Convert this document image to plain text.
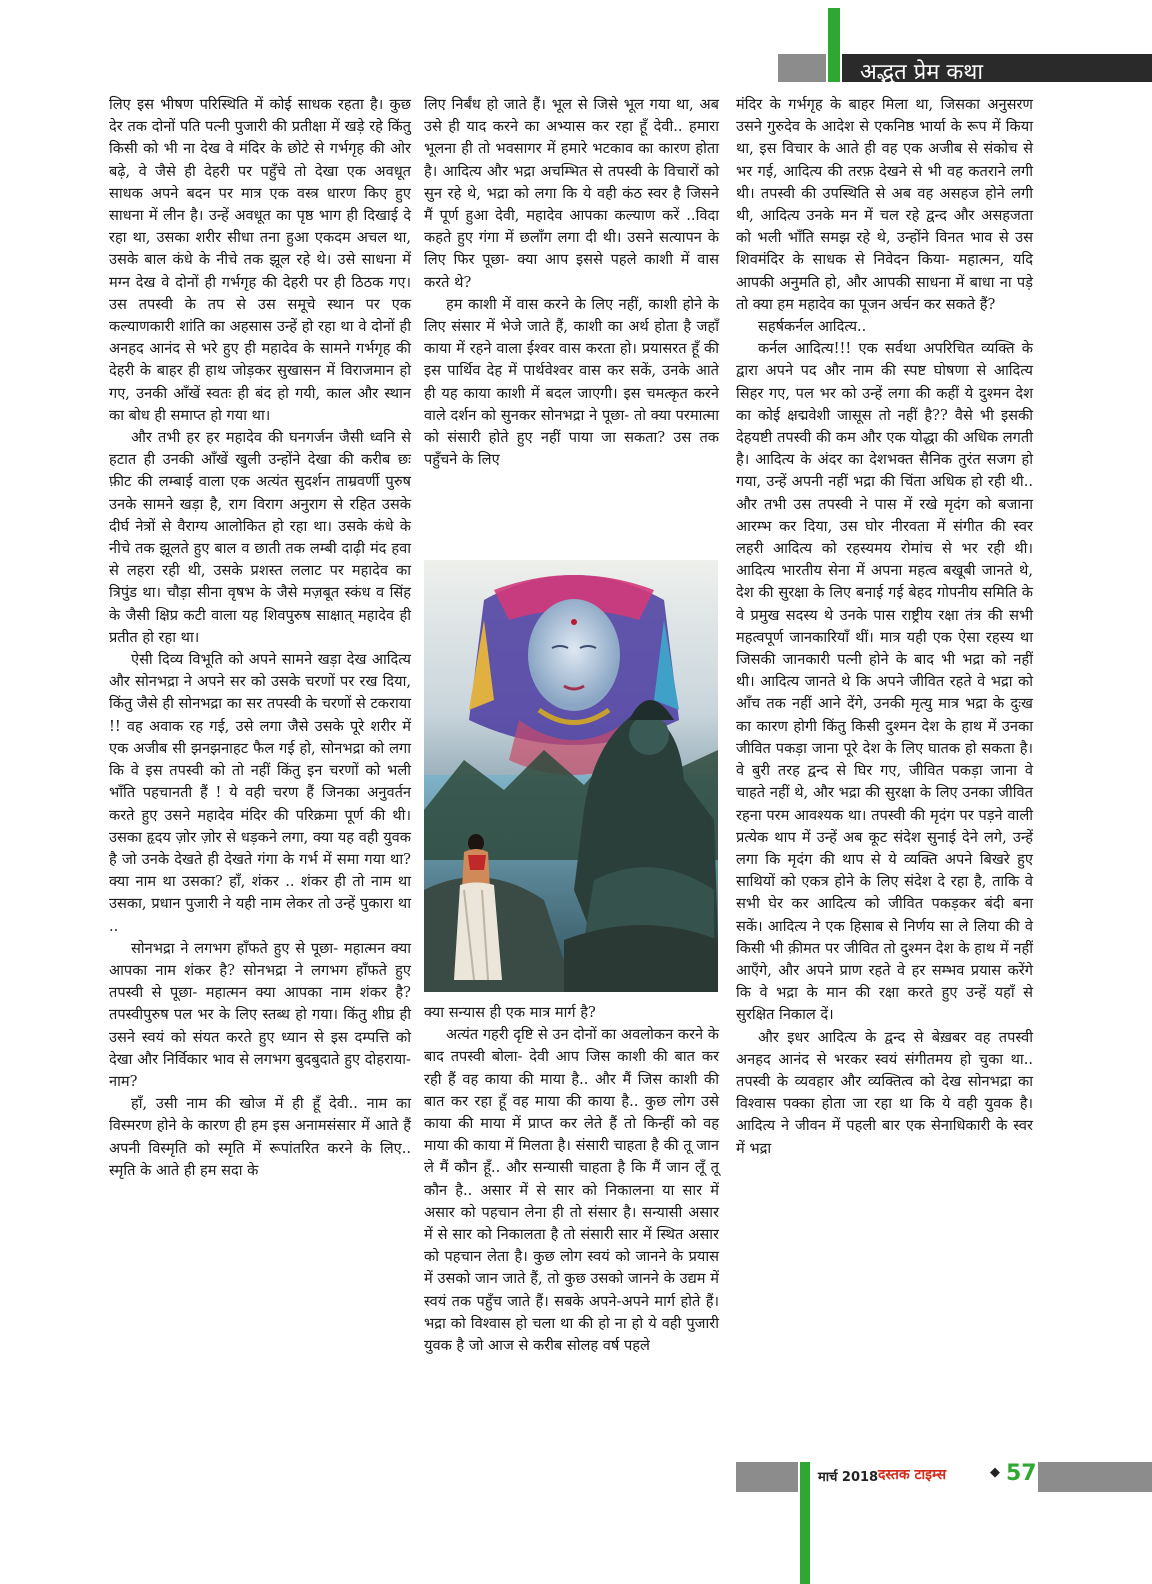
अद्भुत प्रेम कथा

लिए इस भीषण परिस्थिति में कोई साधक रहता है। कुछ देर तक दोनों पति पत्नी पुजारी की प्रतीक्षा में खड़े रहे किंतु किसी को भी ना देख वे मंदिर के छोटे से गर्भगृह की ओर बढ़े, वे जैसे ही देहरी पर पहुँचे तो देखा एक अवधूत साधक अपने बदन पर मात्र एक वस्त्र धारण किए हुए साधना में लीन है। उन्हें अवधूत का पृष्ठ भाग ही दिखाई दे रहा था, उसका शरीर सीधा तना हुआ एकदम अचल था, उसके बाल कंधे के नीचे तक झूल रहे थे। उसे साधना में मग्न देख वे दोनों ही गर्भगृह की देहरी पर ही ठिठक गए। उस तपस्वी के तप से उस समूचे स्थान पर एक कल्याणकारी शांति का अहसास उन्हें हो रहा था वे दोनों ही अनहद आनंद से भरे हुए ही महादेव के सामने गर्भगृह की देहरी के बाहर ही हाथ जोड़कर सुखासन में विराजमान हो गए, उनकी आँखें स्वतः ही बंद हो गयी, काल और स्थान का बोध ही समाप्त हो गया था।

और तभी हर हर महादेव की घनगर्जन जैसी ध्वनि से हटात ही उनकी आँखें खुली उन्होंने देखा की करीब छः फ़ीट की लम्बाई वाला एक अत्यंत सुदर्शन ताम्रवर्णी पुरुष उनके सामने खड़ा है, राग विराग अनुराग से रहित उसके दीर्घ नेत्रों से वैराग्य आलोकित हो रहा था। उसके कंधे के नीचे तक झूलते हुए बाल व छाती तक लम्बी दाढ़ी मंद हवा से लहरा रही थी, उसके प्रशस्त ललाट पर महादेव का त्रिपुंड था। चौड़ा सीना वृषभ के जैसे मज़बूत स्कंध व सिंह के जैसी क्षिप्र कटी वाला यह शिवपुरुष साक्षात् महादेव ही प्रतीत हो रहा था।

ऐसी दिव्य विभूति को अपने सामने खड़ा देख आदित्य और सोनभद्रा ने अपने सर को उसके चरणों पर रख दिया, किंतु जैसे ही सोनभद्रा का सर तपस्वी के चरणों से टकराया !! वह अवाक रह गई, उसे लगा जैसे उसके पूरे शरीर में एक अजीब सी झनझनाहट फैल गई हो, सोनभद्रा को लगा कि वे इस तपस्वी को तो नहीं किंतु इन चरणों को भली भाँति पहचानती हैं ! ये वही चरण हैं जिनका अनुवर्तन करते हुए उसने महादेव मंदिर की परिक्रमा पूर्ण की थी। उसका हृदय ज़ोर ज़ोर से धड़कने लगा, क्या यह वही युवक है जो उनके देखते ही देखते गंगा के गर्भ में समा गया था? क्या नाम था उसका? हाँ, शंकर .. शंकर ही तो नाम था उसका, प्रधान पुजारी ने यही नाम लेकर तो उन्हें पुकारा था ..

सोनभद्रा ने लगभग हाँफते हुए से पूछा- महात्मन क्या आपका नाम शंकर है? सोनभद्रा ने लगभग हाँफते हुए तपस्वी से पूछा- महात्मन क्या आपका नाम शंकर है? तपस्वीपुरुष पल भर के लिए स्तब्ध हो गया। किंतु शीघ्र ही उसने स्वयं को संयत करते हुए ध्यान से इस दम्पत्ति को देखा और निर्विकार भाव से लगभग बुदबुदाते हुए दोहराया- नाम?

हाँ, उसी नाम की खोज में ही हूँ देवी.. नाम का विस्मरण होने के कारण ही हम इस अनामसंसार में आते हैं अपनी विस्मृति को स्मृति में रूपांतरित करने के लिए.. स्मृति के आते ही हम सदा के

लिए निर्बंध हो जाते हैं। भूल से जिसे भूल गया था, अब उसे ही याद करने का अभ्यास कर रहा हूँ देवी.. हमारा भूलना ही तो भवसागर में हमारे भटकाव का कारण होता है। आदित्य और भद्रा अचम्भित से तपस्वी के विचारों को सुन रहे थे, भद्रा को लगा कि ये वही कंठ स्वर है जिसने मैं पूर्ण हुआ देवी, महादेव आपका कल्याण करें ..विदा कहते हुए गंगा में छलाँग लगा दी थी। उसने सत्यापन के लिए फिर पूछा- क्या आप इससे पहले काशी में वास करते थे?

हम काशी में वास करने के लिए नहीं, काशी होने के लिए संसार में भेजे जाते हैं, काशी का अर्थ होता है जहाँ काया में रहने वाला ईश्वर वास करता हो। प्रयासरत हूँ की इस पार्थिव देह में पार्थवेश्वर वास कर सकें, उनके आते ही यह काया काशी में बदल जाएगी। इस चमत्कृत करने वाले दर्शन को सुनकर सोनभद्रा ने पूछा- तो क्या परमात्मा को संसारी होते हुए नहीं पाया जा सकता? उस तक पहुँचने के लिए

क्या सन्यास ही एक मात्र मार्ग है?

अत्यंत गहरी दृष्टि से उन दोनों का अवलोकन करने के बाद तपस्वी बोला- देवी आप जिस काशी की बात कर रही हैं वह काया की माया है.. और मैं जिस काशी की बात कर रहा हूँ वह माया की काया है.. कुछ लोग उसे काया की माया में प्राप्त कर लेते हैं तो किन्हीं को वह माया की काया में मिलता है। संसारी चाहता है की तू जान ले मैं कौन हूँ.. और सन्यासी चाहता है कि मैं जान लूँ तू कौन है.. असार में से सार को निकालना या सार में असार को पहचान लेना ही तो संसार है। सन्यासी असार में से सार को निकालता है तो संसारी सार में स्थित असार को पहचान लेता है। कुछ लोग स्वयं को जानने के प्रयास में उसको जान जाते हैं, तो कुछ उसको जानने के उद्यम में स्वयं तक पहुँच जाते हैं। सबके अपने-अपने मार्ग होते हैं। भद्रा को विश्वास हो चला था की हो ना हो ये वही पुजारी युवक है जो आज से करीब सोलह वर्ष पहले

मंदिर के गर्भगृह के बाहर मिला था, जिसका अनुसरण उसने गुरुदेव के आदेश से एकनिष्ठ भार्या के रूप में किया था, इस विचार के आते ही वह एक अजीब से संकोच से भर गई, आदित्य की तरफ़ देखने से भी वह कतराने लगी थी। तपस्वी की उपस्थिति से अब वह असहज होने लगी थी, आदित्य उनके मन में चल रहे द्वन्द और असहजता को भली भाँति समझ रहे थे, उन्होंने विनत भाव से उस शिवमंदिर के साधक से निवेदन किया- महात्मन, यदि आपकी अनुमति हो, और आपकी साधना में बाधा ना पड़े तो क्या हम महादेव का पूजन अर्चन कर सकते हैं?

सहर्षकर्नल आदित्य..

कर्नल आदित्य!!! एक सर्वथा अपरिचित व्यक्ति के द्वारा अपने पद और नाम की स्पष्ट घोषणा से आदित्य सिहर गए, पल भर को उन्हें लगा की कहीं ये दुश्मन देश का कोई क्षद्मवेशी जासूस तो नहीं है?? वैसे भी इसकी देहयष्टी तपस्वी की कम और एक योद्धा की अधिक लगती है। आदित्य के अंदर का देशभक्त सैनिक तुरंत सजग हो गया, उन्हें अपनी नहीं भद्रा की चिंता अधिक हो रही थी.. और तभी उस तपस्वी ने पास में रखे मृदंग को बजाना आरम्भ कर दिया, उस घोर नीरवता में संगीत की स्वर लहरी आदित्य को रहस्यमय रोमांच से भर रही थी। आदित्य भारतीय सेना में अपना महत्व बखूबी जानते थे, देश की सुरक्षा के लिए बनाई गई बेहद गोपनीय समिति के वे प्रमुख सदस्य थे उनके पास राष्ट्रीय रक्षा तंत्र की सभी महत्वपूर्ण जानकारियाँ थीं। मात्र यही एक ऐसा रहस्य था जिसकी जानकारी पत्नी होने के बाद भी भद्रा को नहीं थी। आदित्य जानते थे कि अपने जीवित रहते वे भद्रा को आँच तक नहीं आने देंगे, उनकी मृत्यु मात्र भद्रा के दुःख का कारण होगी किंतु किसी दुश्मन देश के हाथ में उनका जीवित पकड़ा जाना पूरे देश के लिए घातक हो सकता है। वे बुरी तरह द्वन्द से घिर गए, जीवित पकड़ा जाना वे चाहते नहीं थे, और भद्रा की सुरक्षा के लिए उनका जीवित रहना परम आवश्यक था। तपस्वी की मृदंग पर पड़ने वाली प्रत्येक थाप में उन्हें अब कूट संदेश सुनाई देने लगे, उन्हें लगा कि मृदंग की थाप से ये व्यक्ति अपने बिखरे हुए साथियों को एकत्र होने के लिए संदेश दे रहा है, ताकि वे सभी घेर कर आदित्य को जीवित पकड़कर बंदी बना सकें। आदित्य ने एक हिसाब से निर्णय सा ले लिया की वे किसी भी क़ीमत पर जीवित तो दुश्मन देश के हाथ में नहीं आएँगे, और अपने प्राण रहते वे हर सम्भव प्रयास करेंगे कि वे भद्रा के मान की रक्षा करते हुए उन्हें यहाँ से सुरक्षित निकाल दें।

और इधर आदित्य के द्वन्द से बेख़बर वह तपस्वी अनहद आनंद से भरकर स्वयं संगीतमय हो चुका था.. तपस्वी के व्यवहार और व्यक्तित्व को देख सोनभद्रा का विश्वास पक्का होता जा रहा था कि ये वही युवक है। आदित्य ने जीवन में पहली बार एक सेनाधिकारी के स्वर में भद्रा

मार्च 2018 दस्तक टाइम्स	◆ 57
